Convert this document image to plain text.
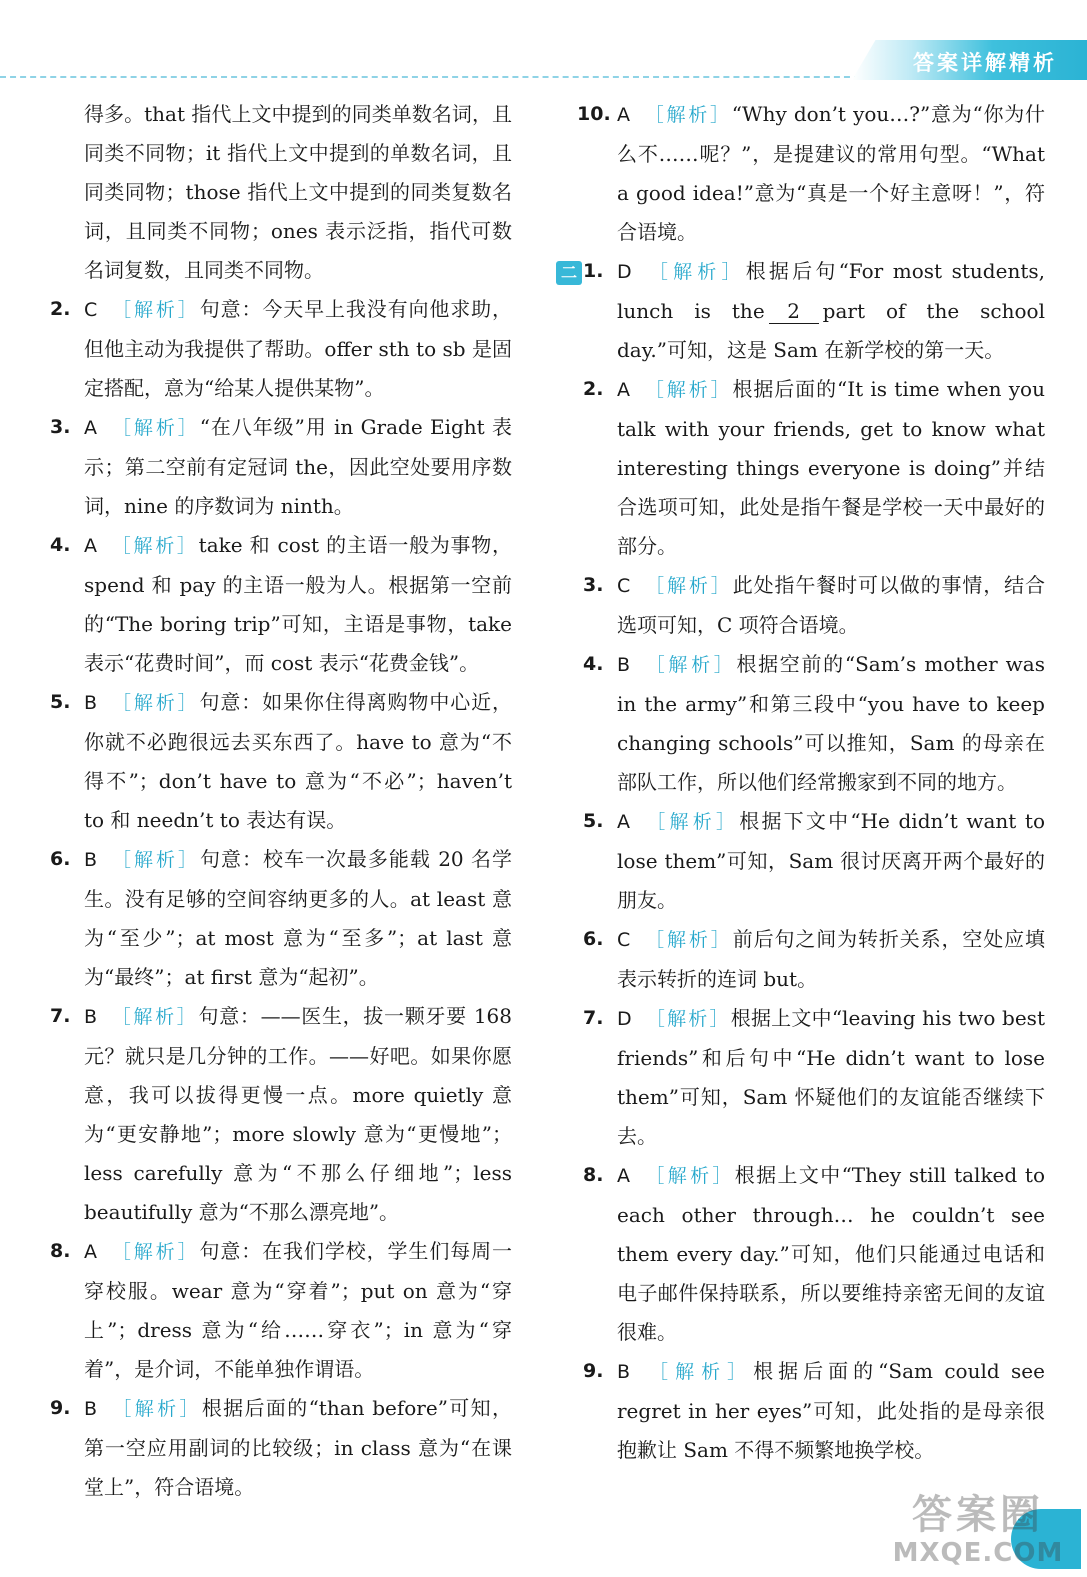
答案详解精析

得多。that 指代上文中提到的同类单数名词，且同类不同物；it 指代上文中提到的单数名词，且同类同物；those 指代上文中提到的同类复数名词，且同类不同物；ones 表示泛指，指代可数名词复数，且同类不同物。

2. C ［解析］句意：今天早上我没有向他求助，但他主动为我提供了帮助。offer sth to sb 是固定搭配，意为“给某人提供某物”。
3. A ［解析］“在八年级”用 in Grade Eight 表示；第二空前有定冠词 the，因此空处要用序数词，nine 的序数词为 ninth。
4. A ［解析］take 和 cost 的主语一般为事物，spend 和 pay 的主语一般为人。根据第一空前的“The boring trip”可知，主语是事物，take 表示“花费时间”，而 cost 表示“花费金钱”。
5. B ［解析］句意：如果你住得离购物中心近，你就不必跑很远去买东西了。have to 意为“不得不”；don’t have to 意为“不必”；haven’t to 和 needn’t to 表达有误。
6. B ［解析］句意：校车一次最多能载 20 名学生。没有足够的空间容纳更多的人。at least 意为“至少”；at most 意为“至多”；at last 意为“最终”；at first 意为“起初”。
7. B ［解析］句意：——医生，拔一颗牙要 168 元？就只是几分钟的工作。——好吧。如果你愿意，我可以拔得更慢一点。more quietly 意为“更安静地”；more slowly 意为“更慢地”；less carefully 意为“不那么仔细地”；less beautifully 意为“不那么漂亮地”。
8. A ［解析］句意：在我们学校，学生们每周一穿校服。wear 意为“穿着”；put on 意为“穿上”；dress 意为“给……穿衣”；in 意为“穿着”，是介词，不能单独作谓语。
9. B ［解析］根据后面的“than before”可知，第一空应用副词的比较级；in class 意为“在课堂上”，符合语境。
10. A ［解析］“Why don’t you…?”意为“你为什么不……呢？”，是提建议的常用句型。“What a good idea!”意为“真是一个好主意呀！”，符合语境。
1. D ［解析］根据后句“For most students, lunch is the 2 part of the school day.”可知，这是 Sam 在新学校的第一天。
2. A ［解析］根据后面的“It is time when you talk with your friends, get to know what interesting things everyone is doing”并结合选项可知，此处是指午餐是学校一天中最好的部分。
3. C ［解析］此处指午餐时可以做的事情，结合选项可知，C 项符合语境。
4. B ［解析］根据空前的“Sam’s mother was in the army”和第三段中“you have to keep changing schools”可以推知，Sam 的母亲在部队工作，所以他们经常搬家到不同的地方。
5. A ［解析］根据下文中“He didn’t want to lose them”可知，Sam 很讨厌离开两个最好的朋友。
6. C ［解析］前后句之间为转折关系，空处应填表示转折的连词 but。
7. D ［解析］根据上文中“leaving his two best friends”和后句中“He didn’t want to lose them”可知，Sam 怀疑他们的友谊能否继续下去。
8. A ［解析］根据上文中“They still talked to each other through… he couldn’t see them every day.”可知，他们只能通过电话和电子邮件保持联系，所以要维持亲密无间的友谊很难。
9. B ［解析］根据后面的“Sam could see regret in her eyes”可知，此处指的是母亲很抱歉让 Sam 不得不频繁地换学校。
二
答案圈
MXQE.COM
